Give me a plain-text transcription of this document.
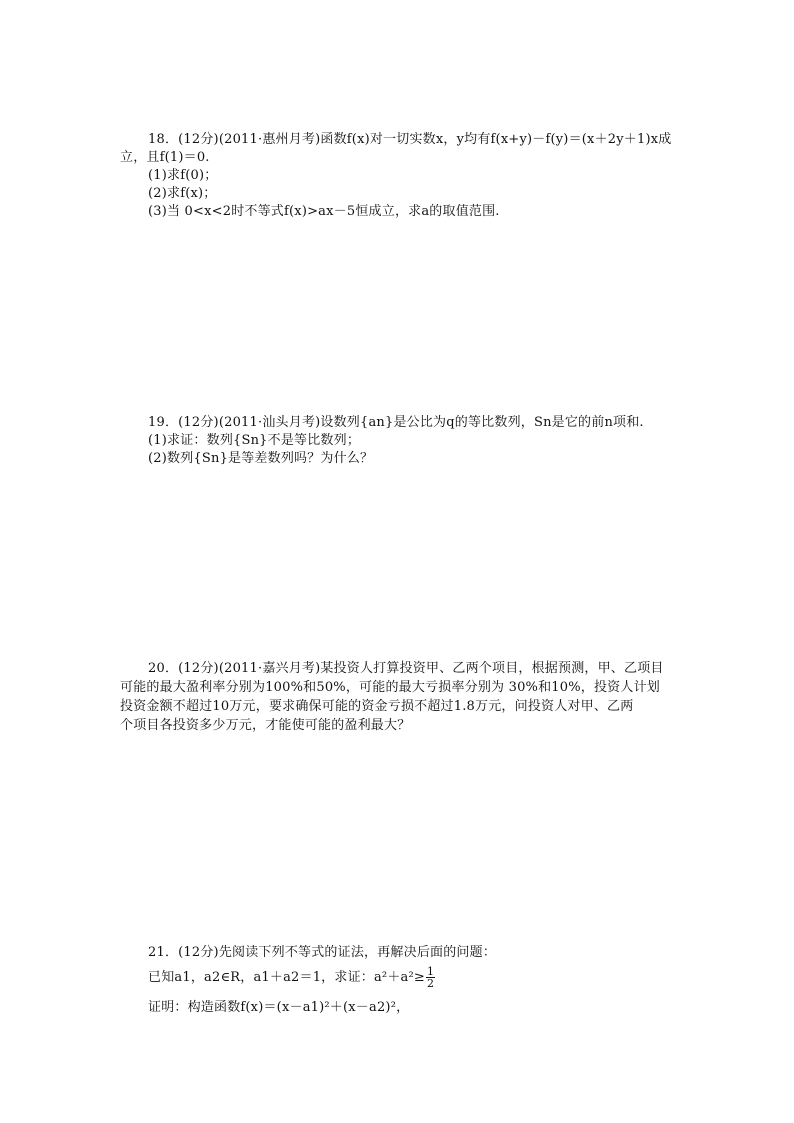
18．(12分)(2011·惠州月考)函数f(x)对一切实数x，y均有f(x+y)－f(y)＝(x＋2y＋1)x成
立，且f(1)＝0.
(1)求f(0)；
(2)求f(x)；
(3)当 0<x<2时不等式f(x)>ax－5恒成立，求a的取值范围.
19．(12分)(2011·汕头月考)设数列{an}是公比为q的等比数列，Sn是它的前n项和.
(1)求证：数列{Sn}不是等比数列；
(2)数列{Sn}是等差数列吗？为什么？
20．(12分)(2011·嘉兴月考)某投资人打算投资甲、乙两个项目，根据预测，甲、乙项目
可能的最大盈利率分别为100%和50%，可能的最大亏损率分别为 30%和10%，投资人计划
投资金额不超过10万元，要求确保可能的资金亏损不超过1.8万元，问投资人对甲、乙两
个项目各投资多少万元，才能使可能的盈利最大？
21．(12分)先阅读下列不等式的证法，再解决后面的问题：
已知a1，a2∈R，a1＋a2＝1，求证：$a^2+a^2\ge \frac{1}{2}$
证明：构造函数f(x)＝(x－a1)²＋(x－a2)²，
